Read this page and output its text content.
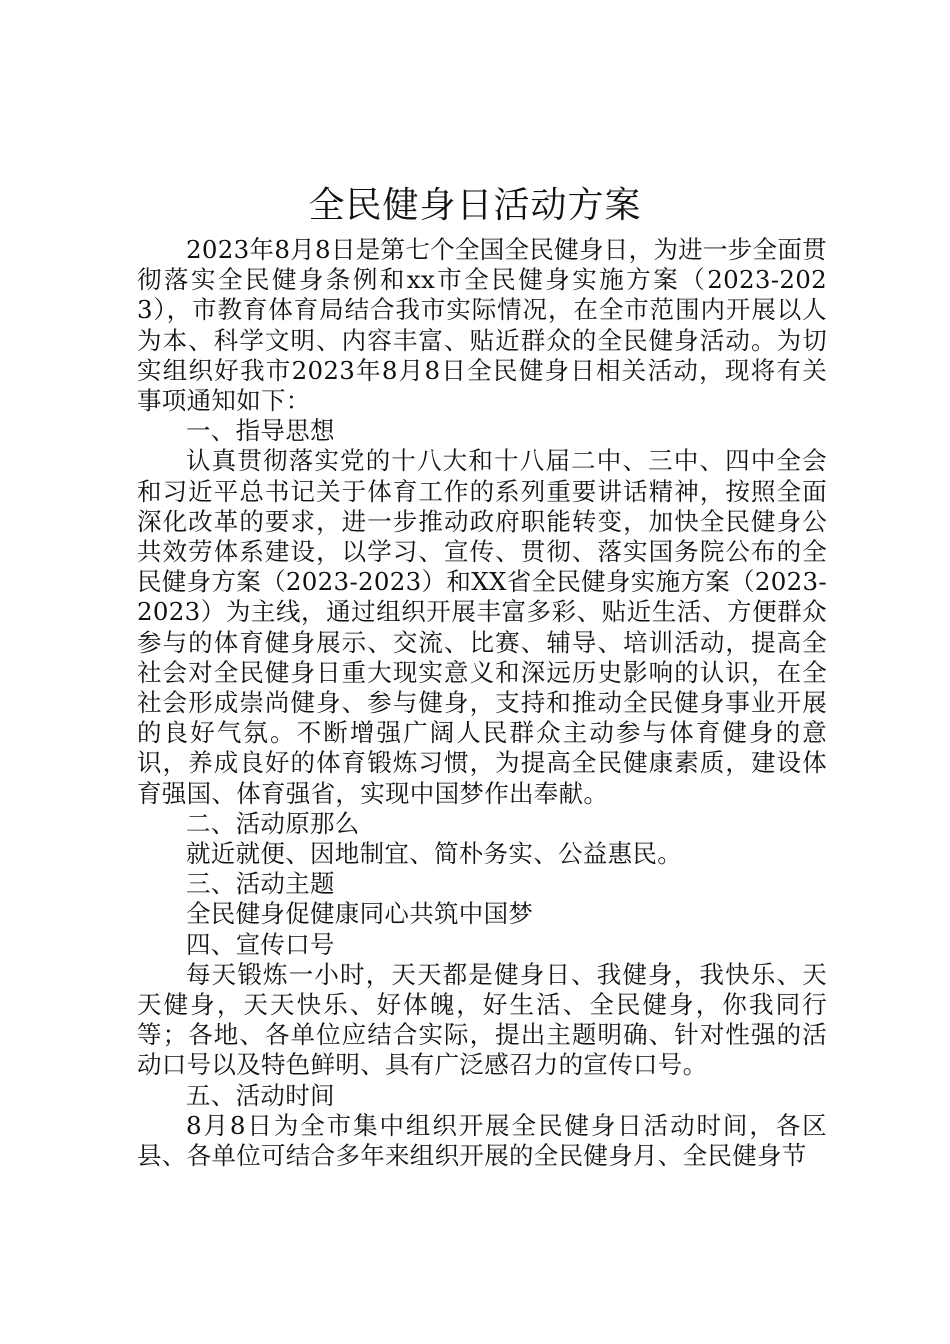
全民健身日活动方案

2023年8月8日是第七个全国全民健身日，为进一步全面贯彻落实全民健身条例和xx市全民健身实施方案（2023-2023），市教育体育局结合我市实际情况，在全市范围内开展以人为本、科学文明、内容丰富、贴近群众的全民健身活动。为切实组织好我市2023年8月8日全民健身日相关活动，现将有关事项通知如下：

一、指导思想

认真贯彻落实党的十八大和十八届二中、三中、四中全会和习近平总书记关于体育工作的系列重要讲话精神，按照全面深化改革的要求，进一步推动政府职能转变，加快全民健身公共效劳体系建设，以学习、宣传、贯彻、落实国务院公布的全民健身方案（2023-2023）和XX省全民健身实施方案（2023-2023）为主线，通过组织开展丰富多彩、贴近生活、方便群众参与的体育健身展示、交流、比赛、辅导、培训活动，提高全社会对全民健身日重大现实意义和深远历史影响的认识，在全社会形成崇尚健身、参与健身，支持和推动全民健身事业开展的良好气氛。不断增强广阔人民群众主动参与体育健身的意识，养成良好的体育锻炼习惯，为提高全民健康素质，建设体育强国、体育强省，实现中国梦作出奉献。

二、活动原那么

就近就便、因地制宜、简朴务实、公益惠民。

三、活动主题

全民健身促健康同心共筑中国梦

四、宣传口号

每天锻炼一小时，天天都是健身日、我健身，我快乐、天天健身，天天快乐、好体魄，好生活、全民健身，你我同行等；各地、各单位应结合实际，提出主题明确、针对性强的活动口号以及特色鲜明、具有广泛感召力的宣传口号。

五、活动时间

8月8日为全市集中组织开展全民健身日活动时间，各区县、各单位可结合多年来组织开展的全民健身月、全民健身节
